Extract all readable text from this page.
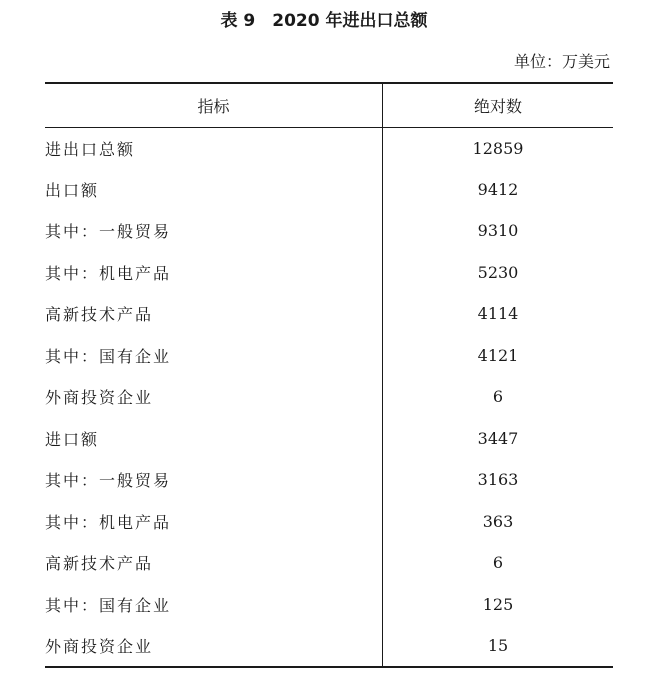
表 9　2020 年进出口总额
单位：万美元
指标	绝对数
进出口总额	12859
出口额	9412
其中：一般贸易	9310
其中：机电产品	5230
高新技术产品	4114
其中：国有企业	4121
外商投资企业	6
进口额	3447
其中：一般贸易	3163
其中：机电产品	363
高新技术产品	6
其中：国有企业	125
外商投资企业	15
